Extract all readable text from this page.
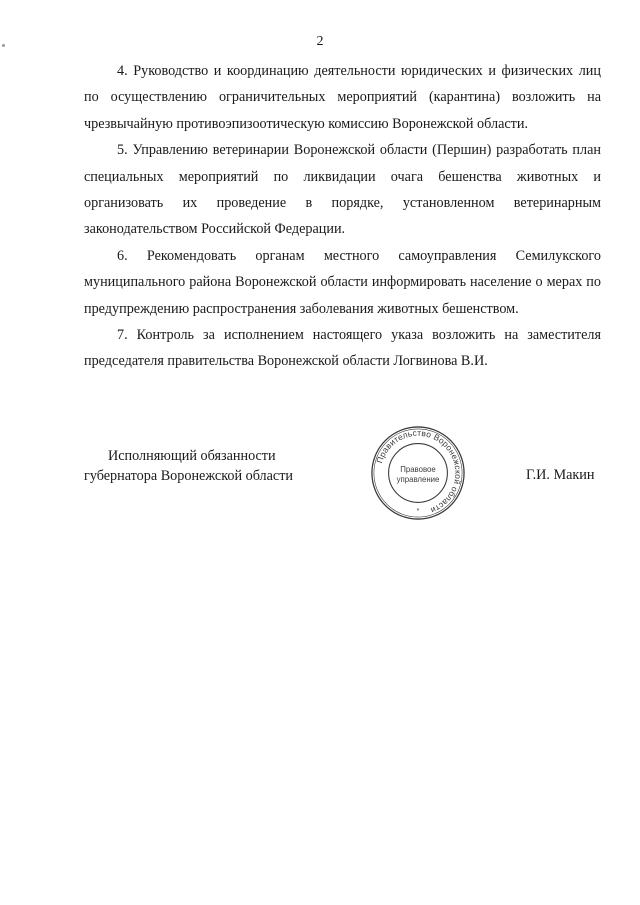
2

4. Руководство и координацию деятельности юридических и физических лиц по осуществлению ограничительных мероприятий (карантина) возложить на чрезвычайную противоэпизоотическую комиссию Воронежской области.

5. Управлению ветеринарии Воронежской области (Першин) разработать план специальных мероприятий по ликвидации очага бешенства животных и организовать их проведение в порядке, установленном ветеринарным законодательством Российской Федерации.

6. Рекомендовать органам местного самоуправления Семилукского муниципального района Воронежской области информировать население о мерах по предупреждению распространения заболевания животных бешенством.

7. Контроль за исполнением настоящего указа возложить на заместителя председателя правительства Воронежской области Логвинова В.И.

Исполняющий обязанности
губернатора Воронежской области
Правительство Воронежской области
Правовое
управление
*
Г.И. Макин
